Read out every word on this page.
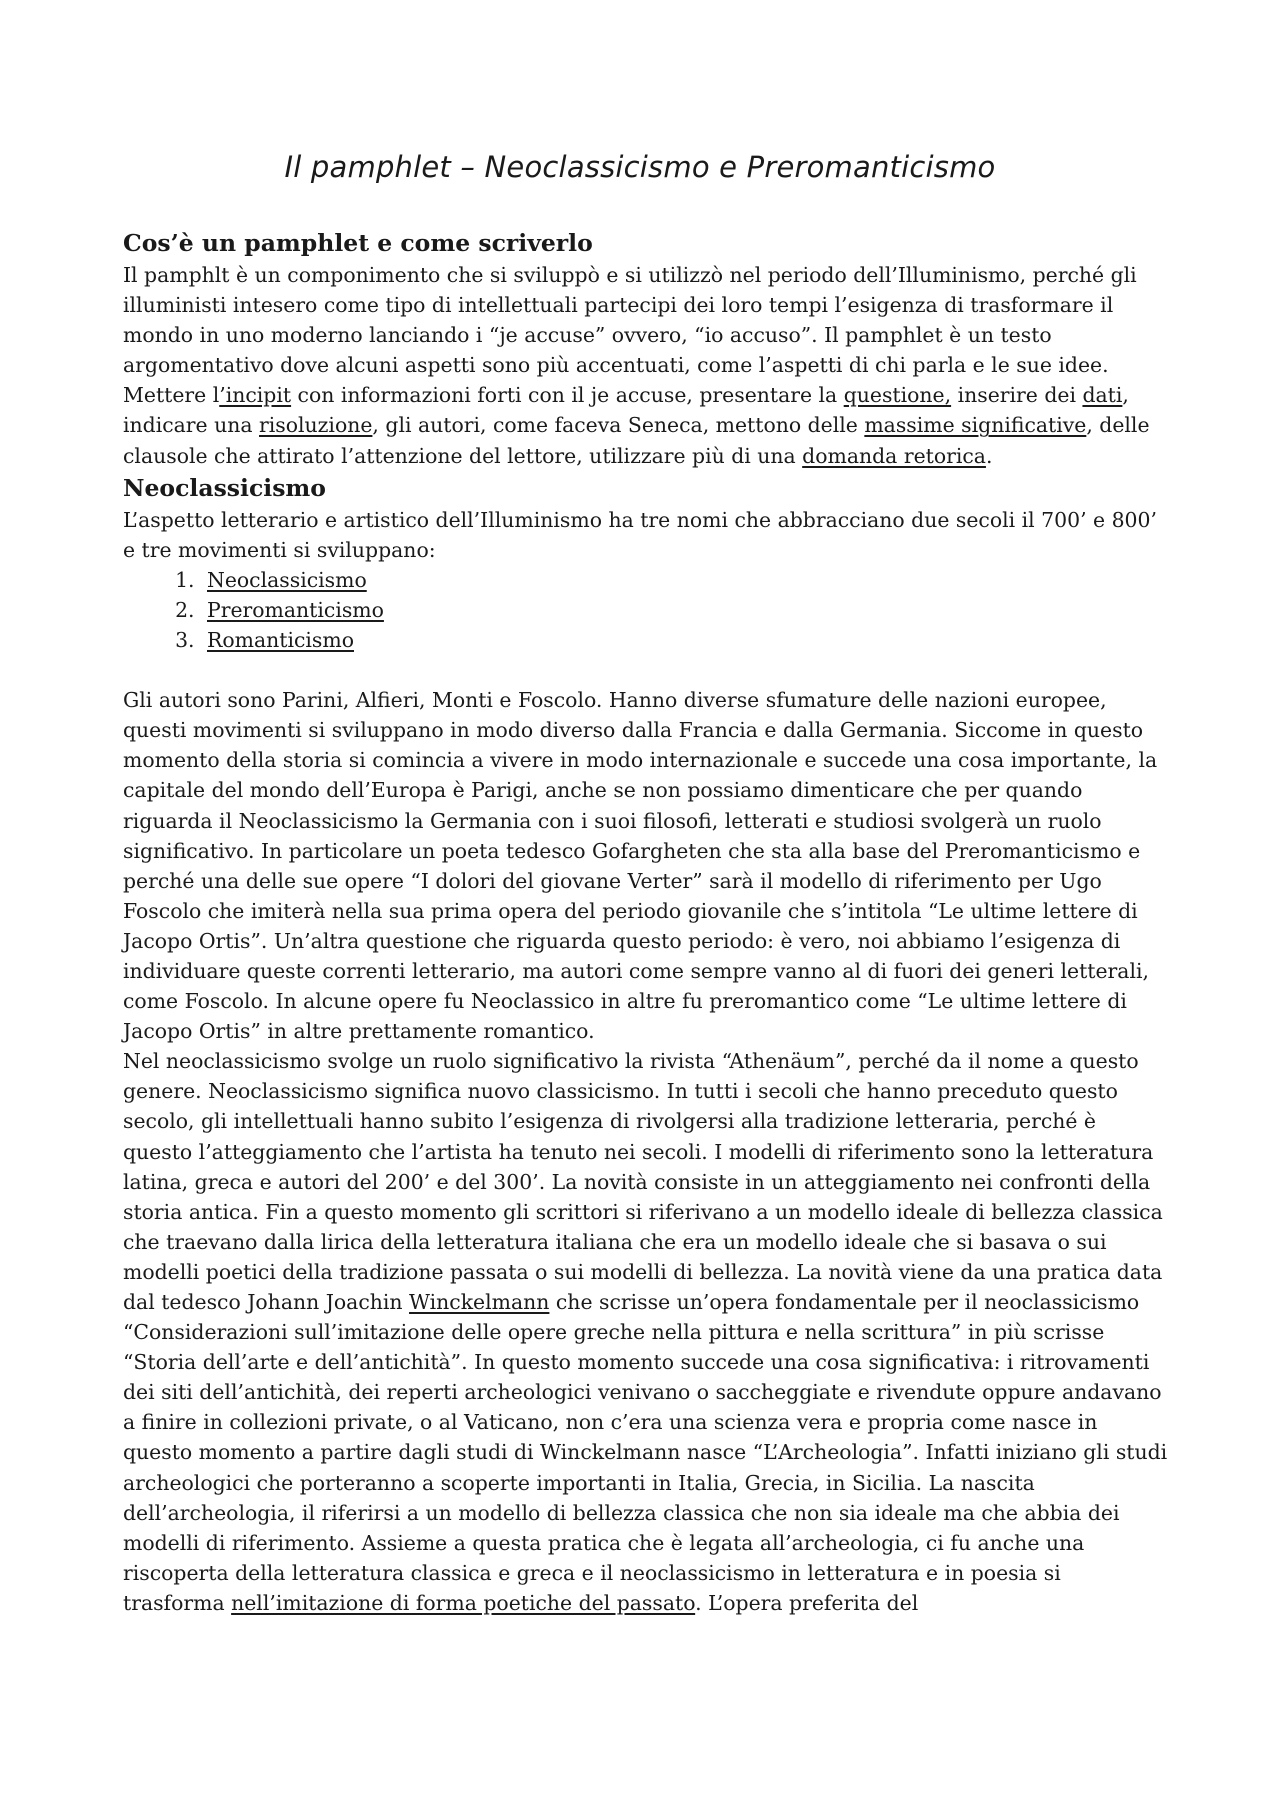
Il pamphlet – Neoclassicismo e Preromanticismo
Cos’è un pamphlet e come scriverlo

Il pamphlt è un componimento che si sviluppò e si utilizzò nel periodo dell’Illuminismo, perché gli illuministi intesero come tipo di intellettuali partecipi dei loro tempi l’esigenza di trasformare il mondo in uno moderno lanciando i “je accuse” ovvero, “io accuso”. Il pamphlet è un testo argomentativo dove alcuni aspetti sono più accentuati, come l’aspetti di chi parla e le sue idee. Mettere l’incipit con informazioni forti con il je accuse, presentare la questione, inserire dei dati, indicare una risoluzione, gli autori, come faceva Seneca, mettono delle massime significative, delle clausole che attirato l’attenzione del lettore, utilizzare più di una domanda retorica.

Neoclassicismo

L’aspetto letterario e artistico dell’Illuminismo ha tre nomi che abbracciano due secoli il 700’ e 800’ e tre movimenti si sviluppano:

1. Neoclassicismo
2. Preromanticismo
3. Romanticismo

Gli autori sono Parini, Alfieri, Monti e Foscolo. Hanno diverse sfumature delle nazioni europee, questi movimenti si sviluppano in modo diverso dalla Francia e dalla Germania. Siccome in questo momento della storia si comincia a vivere in modo internazionale e succede una cosa importante, la capitale del mondo dell’Europa è Parigi, anche se non possiamo dimenticare che per quando riguarda il Neoclassicismo la Germania con i suoi filosofi, letterati e studiosi svolgerà un ruolo significativo. In particolare un poeta tedesco Gofargheten che sta alla base del Preromanticismo e perché una delle sue opere “I dolori del giovane Verter” sarà il modello di riferimento per Ugo Foscolo che imiterà nella sua prima opera del periodo giovanile che s’intitola “Le ultime lettere di Jacopo Ortis”. Un’altra questione che riguarda questo periodo: è vero, noi abbiamo l’esigenza di individuare queste correnti letterario, ma autori come sempre vanno al di fuori dei generi letterali, come Foscolo. In alcune opere fu Neoclassico in altre fu preromantico come “Le ultime lettere di Jacopo Ortis” in altre prettamente romantico.

Nel neoclassicismo svolge un ruolo significativo la rivista “Athenäum”, perché da il nome a questo genere. Neoclassicismo significa nuovo classicismo. In tutti i secoli che hanno preceduto questo secolo, gli intellettuali hanno subito l’esigenza di rivolgersi alla tradizione letteraria, perché è questo l’atteggiamento che l’artista ha tenuto nei secoli. I modelli di riferimento sono la letteratura latina, greca e autori del 200’ e del 300’. La novità consiste in un atteggiamento nei confronti della storia antica. Fin a questo momento gli scrittori si riferivano a un modello ideale di bellezza classica che traevano dalla lirica della letteratura italiana che era un modello ideale che si basava o sui modelli poetici della tradizione passata o sui modelli di bellezza. La novità viene da una pratica data dal tedesco Johann Joachin Winckelmann che scrisse un’opera fondamentale per il neoclassicismo “Considerazioni sull’imitazione delle opere greche nella pittura e nella scrittura” in più scrisse “Storia dell’arte e dell’antichità”. In questo momento succede una cosa significativa: i ritrovamenti dei siti dell’antichità, dei reperti archeologici venivano o saccheggiate e rivendute oppure andavano a finire in collezioni private, o al Vaticano, non c’era una scienza vera e propria come nasce in questo momento a partire dagli studi di Winckelmann nasce “L’Archeologia”. Infatti iniziano gli studi archeologici che porteranno a scoperte importanti in Italia, Grecia, in Sicilia. La nascita dell’archeologia, il riferirsi a un modello di bellezza classica che non sia ideale ma che abbia dei modelli di riferimento. Assieme a questa pratica che è legata all’archeologia, ci fu anche una riscoperta della letteratura classica e greca e il neoclassicismo in letteratura e in poesia si trasforma nell’imitazione di forma poetiche del passato. L’opera preferita del
